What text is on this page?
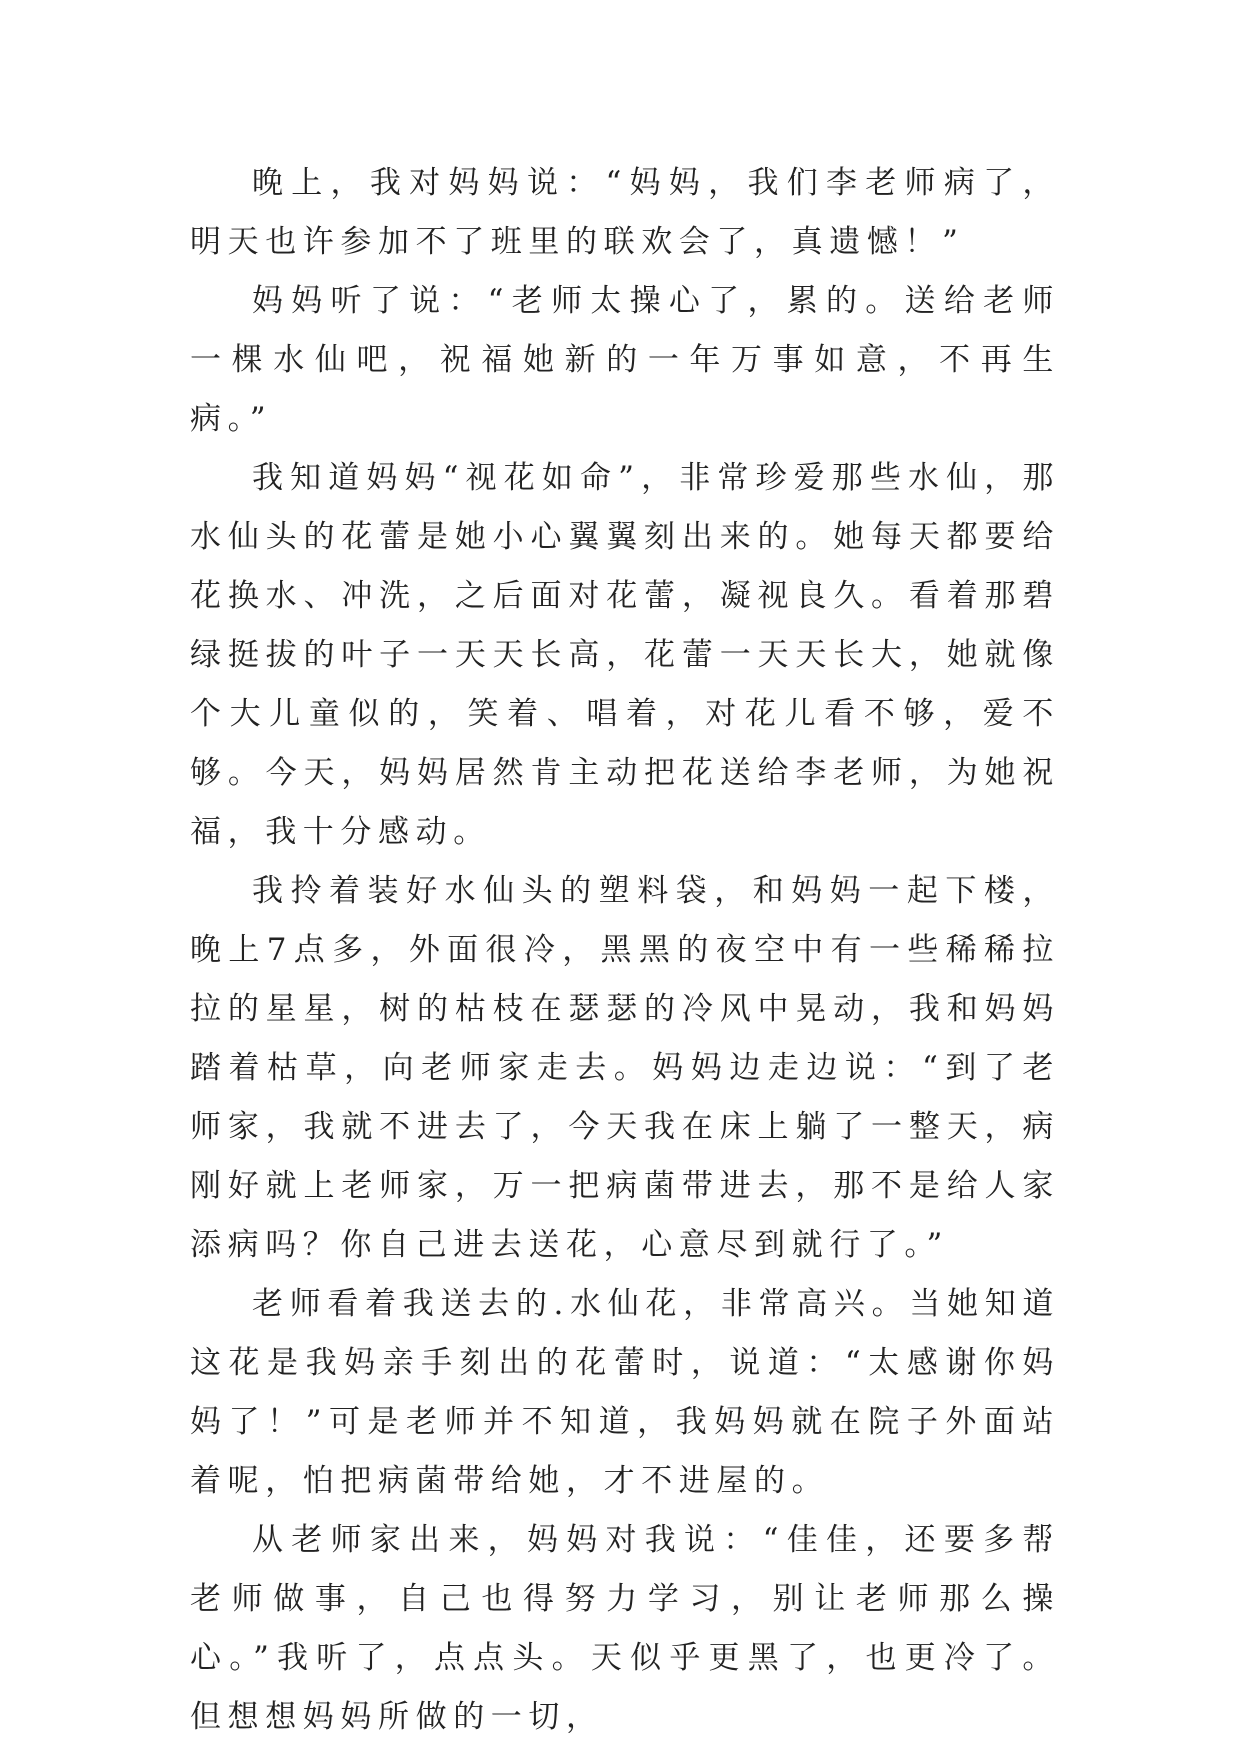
晚上，我对妈妈说：“妈妈，我们李老师病了，明天也许参加不了班里的联欢会了，真遗憾！”

妈妈听了说：“老师太操心了，累的。送给老师一棵水仙吧，祝福她新的一年万事如意，不再生病。”

我知道妈妈“视花如命”，非常珍爱那些水仙，那水仙头的花蕾是她小心翼翼刻出来的。她每天都要给花换水、冲洗，之后面对花蕾，凝视良久。看着那碧绿挺拔的叶子一天天长高，花蕾一天天长大，她就像个大儿童似的，笑着、唱着，对花儿看不够，爱不够。今天，妈妈居然肯主动把花送给李老师，为她祝福，我十分感动。

我拎着装好水仙头的塑料袋，和妈妈一起下楼，晚上7点多，外面很冷，黑黑的夜空中有一些稀稀拉拉的星星，树的枯枝在瑟瑟的冷风中晃动，我和妈妈踏着枯草，向老师家走去。妈妈边走边说：“到了老师家，我就不进去了，今天我在床上躺了一整天，病刚好就上老师家，万一把病菌带进去，那不是给人家添病吗？你自己进去送花，心意尽到就行了。”

老师看着我送去的.水仙花，非常高兴。当她知道这花是我妈亲手刻出的花蕾时，说道：“太感谢你妈妈了！”可是老师并不知道，我妈妈就在院子外面站着呢，怕把病菌带给她，才不进屋的。

从老师家出来，妈妈对我说：“佳佳，还要多帮老师做事，自己也得努力学习，别让老师那么操心。”我听了，点点头。天似乎更黑了，也更冷了。但想想妈妈所做的一切，
